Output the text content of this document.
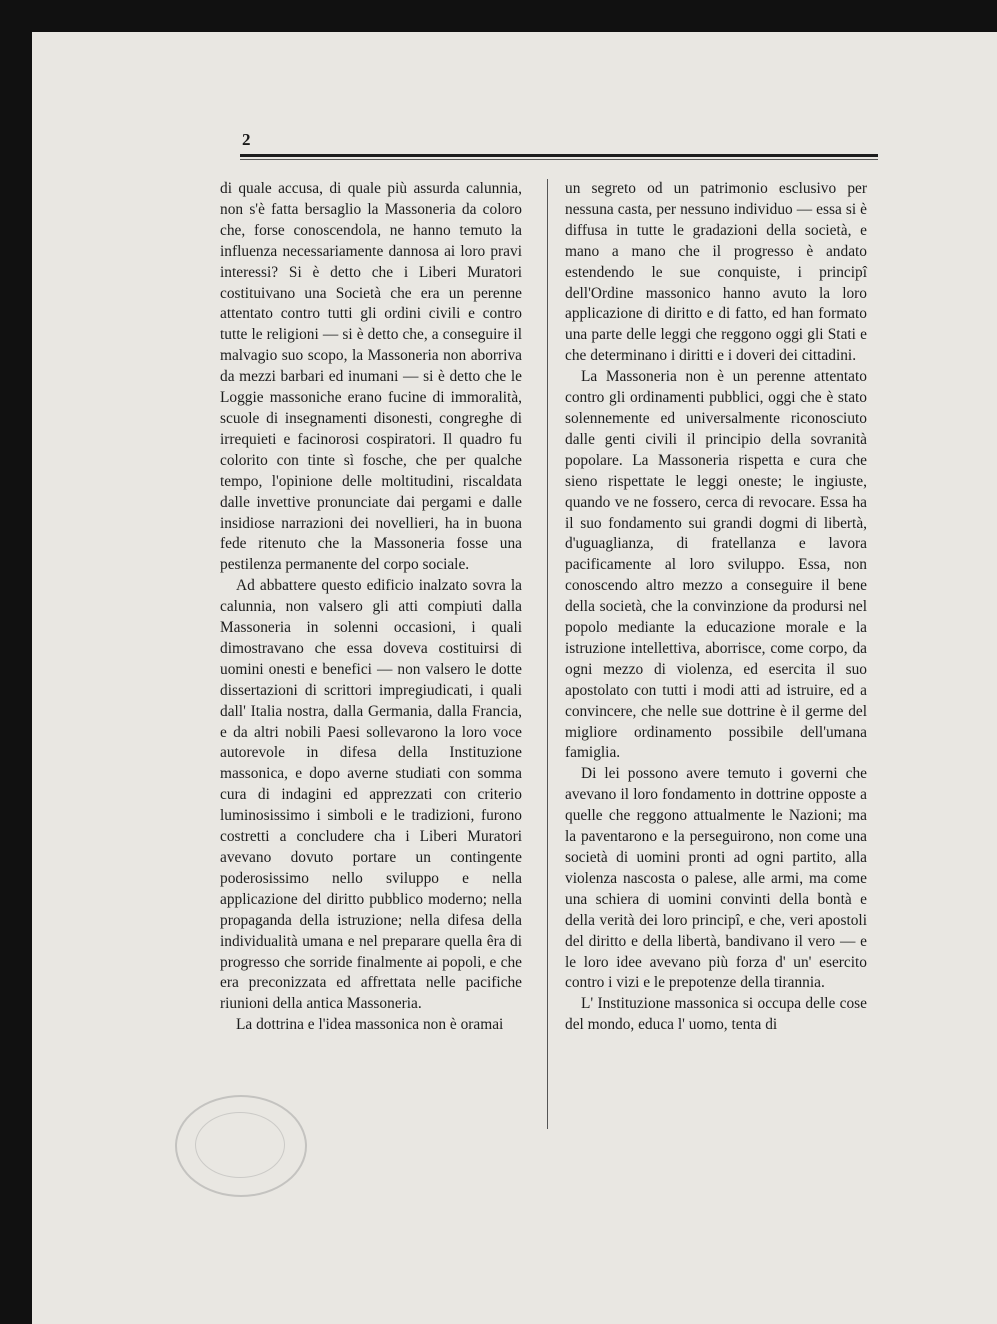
2

di quale accusa, di quale più assurda calunnia, non s'è fatta bersaglio la Massoneria da coloro che, forse conoscendola, ne hanno temuto la influenza necessariamente dannosa ai loro pravi interessi? Si è detto che i Liberi Muratori costituivano una Società che era un perenne attentato contro tutti gli ordini civili e contro tutte le religioni — si è detto che, a conseguire il malvagio suo scopo, la Massoneria non aborriva da mezzi barbari ed inumani — si è detto che le Loggie massoniche erano fucine di immoralità, scuole di insegnamenti disonesti, congreghe di irrequieti e facinorosi cospiratori. Il quadro fu colorito con tinte sì fosche, che per qualche tempo, l'opinione delle moltitudini, riscaldata dalle invettive pronunciate dai pergami e dalle insidiose narrazioni dei novellieri, ha in buona fede ritenuto che la Massoneria fosse una pestilenza permanente del corpo sociale.

Ad abbattere questo edificio inalzato sovra la calunnia, non valsero gli atti compiuti dalla Massoneria in solenni occasioni, i quali dimostravano che essa doveva costituirsi di uomini onesti e benefici — non valsero le dotte dissertazioni di scrittori impregiudicati, i quali dall' Italia nostra, dalla Germania, dalla Francia, e da altri nobili Paesi sollevarono la loro voce autorevole in difesa della Instituzione massonica, e dopo averne studiati con somma cura di indagini ed apprezzati con criterio luminosissimo i simboli e le tradizioni, furono costretti a concludere cha i Liberi Muratori avevano dovuto portare un contingente poderosissimo nello sviluppo e nella applicazione del diritto pubblico moderno; nella propaganda della istruzione; nella difesa della individualità umana e nel preparare quella êra di progresso che sorride finalmente ai popoli, e che era preconizzata ed affrettata nelle pacifiche riunioni della antica Massoneria.

La dottrina e l'idea massonica non è oramai

un segreto od un patrimonio esclusivo per nessuna casta, per nessuno individuo — essa si è diffusa in tutte le gradazioni della società, e mano a mano che il progresso è andato estendendo le sue conquiste, i principî dell'Ordine massonico hanno avuto la loro applicazione di diritto e di fatto, ed han formato una parte delle leggi che reggono oggi gli Stati e che determinano i diritti e i doveri dei cittadini.

La Massoneria non è un perenne attentato contro gli ordinamenti pubblici, oggi che è stato solennemente ed universalmente riconosciuto dalle genti civili il principio della sovranità popolare. La Massoneria rispetta e cura che sieno rispettate le leggi oneste; le ingiuste, quando ve ne fossero, cerca di revocare. Essa ha il suo fondamento sui grandi dogmi di libertà, d'uguaglianza, di fratellanza e lavora pacificamente al loro sviluppo. Essa, non conoscendo altro mezzo a conseguire il bene della società, che la convinzione da prodursi nel popolo mediante la educazione morale e la istruzione intellettiva, aborrisce, come corpo, da ogni mezzo di violenza, ed esercita il suo apostolato con tutti i modi atti ad istruire, ed a convincere, che nelle sue dottrine è il germe del migliore ordinamento possibile dell'umana famiglia.

Di lei possono avere temuto i governi che avevano il loro fondamento in dottrine opposte a quelle che reggono attualmente le Nazioni; ma la paventarono e la perseguirono, non come una società di uomini pronti ad ogni partito, alla violenza nascosta o palese, alle armi, ma come una schiera di uomini convinti della bontà e della verità dei loro principî, e che, veri apostoli del diritto e della libertà, bandivano il vero — e le loro idee avevano più forza d' un' esercito contro i vizi e le prepotenze della tirannia.

L' Instituzione massonica si occupa delle cose del mondo, educa l' uomo, tenta di
